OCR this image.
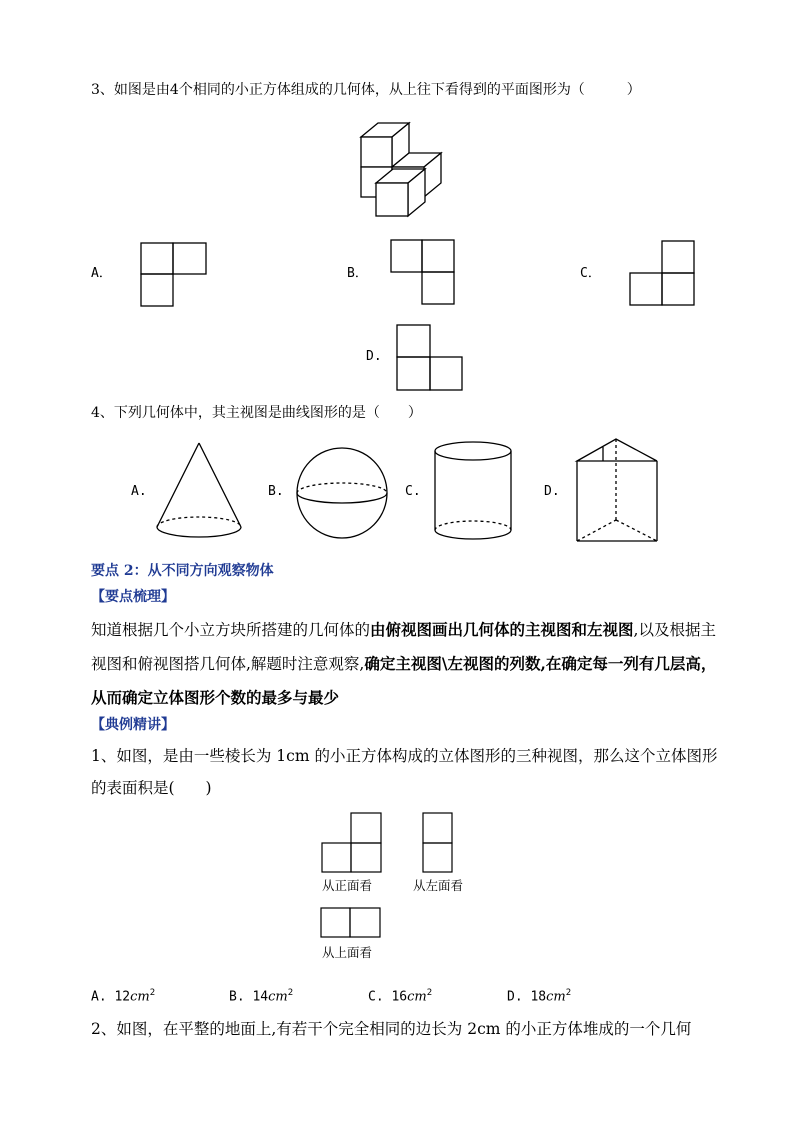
3、如图是由4个相同的小正方体组成的几何体，从上往下看得到的平面图形为（　　　）
A．	B．	C．
D.
4、下列几何体中，其主视图是曲线图形的是（　　）
A.	B.	C.	D.
要点 2：从不同方向观察物体
【要点梳理】
知道根据几个小立方块所搭建的几何体的由俯视图画出几何体的主视图和左视图,以及根据主视图和俯视图搭几何体,解题时注意观察,确定主视图\左视图的列数,在确定每一列有几层高，从而确定立体图形个数的最多与最少
【典例精讲】
1、如图，是由一些棱长为 1cm 的小正方体构成的立体图形的三种视图，那么这个立体图形的表面积是(　　)
从正面看	从左面看
从上面看
A. $12cm^2$	B. $14cm^2$	C. $16cm^2$	D. $18cm^2$
2、如图，在平整的地面上,有若干个完全相同的边长为 2cm 的小正方体堆成的一个几何
